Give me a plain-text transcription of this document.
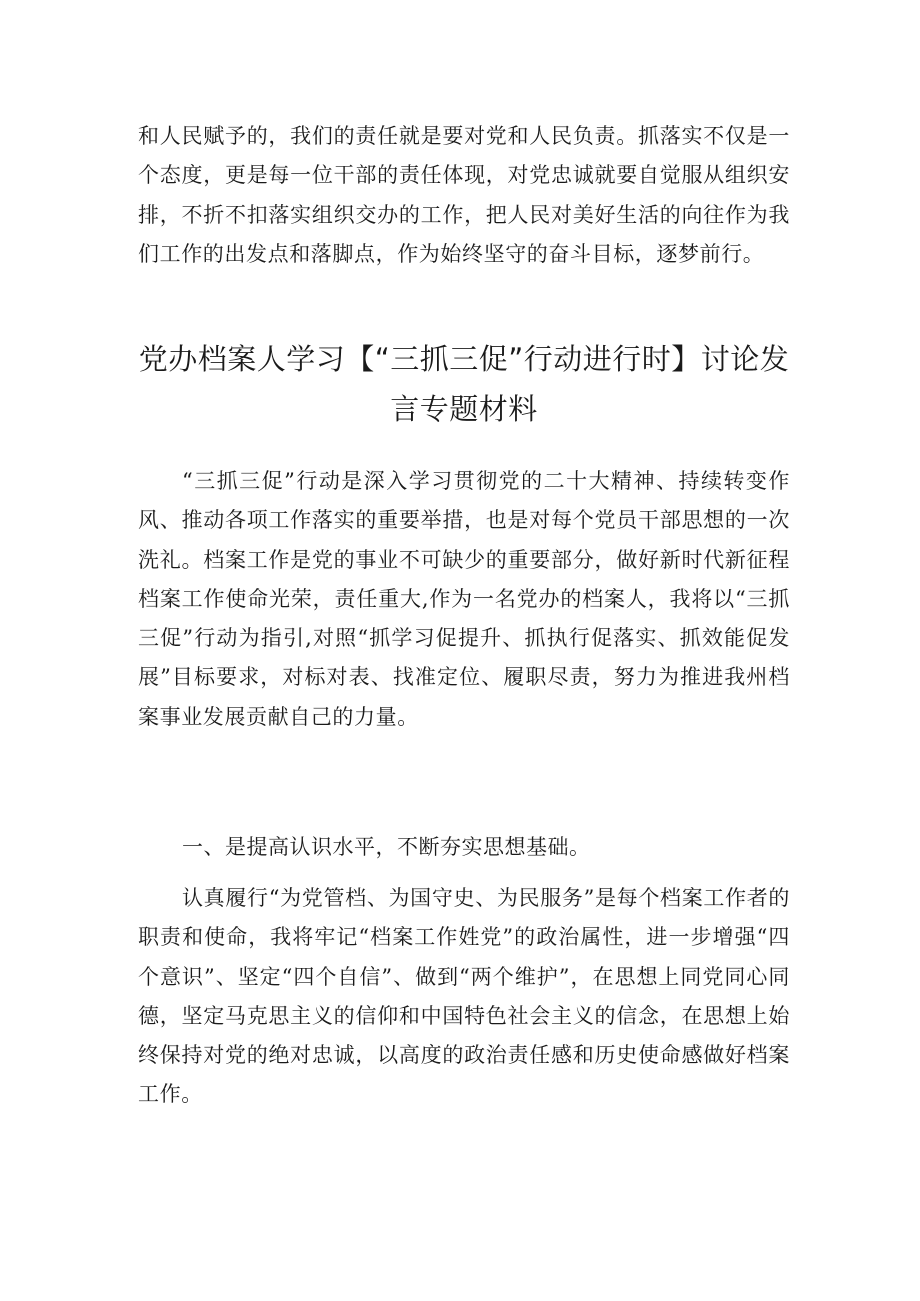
和人民赋予的，我们的责任就是要对党和人民负责。抓落实不仅是一个态度，更是每一位干部的责任体现，对党忠诚就要自觉服从组织安排，不折不扣落实组织交办的工作，把人民对美好生活的向往作为我们工作的出发点和落脚点，作为始终坚守的奋斗目标，逐梦前行。

党办档案人学习【“三抓三促”行动进行时】讨论发言专题材料

“三抓三促”行动是深入学习贯彻党的二十大精神、持续转变作风、推动各项工作落实的重要举措，也是对每个党员干部思想的一次洗礼。档案工作是党的事业不可缺少的重要部分，做好新时代新征程档案工作使命光荣，责任重大,作为一名党办的档案人，我将以“三抓三促”行动为指引,对照“抓学习促提升、抓执行促落实、抓效能促发展”目标要求，对标对表、找准定位、履职尽责，努力为推进我州档案事业发展贡献自己的力量。

一、是提高认识水平，不断夯实思想基础。

认真履行“为党管档、为国守史、为民服务”是每个档案工作者的职责和使命，我将牢记“档案工作姓党”的政治属性，进一步增强“四个意识”、坚定“四个自信”、做到“两个维护”，在思想上同党同心同德，坚定马克思主义的信仰和中国特色社会主义的信念，在思想上始终保持对党的绝对忠诚，以高度的政治责任感和历史使命感做好档案工作。
